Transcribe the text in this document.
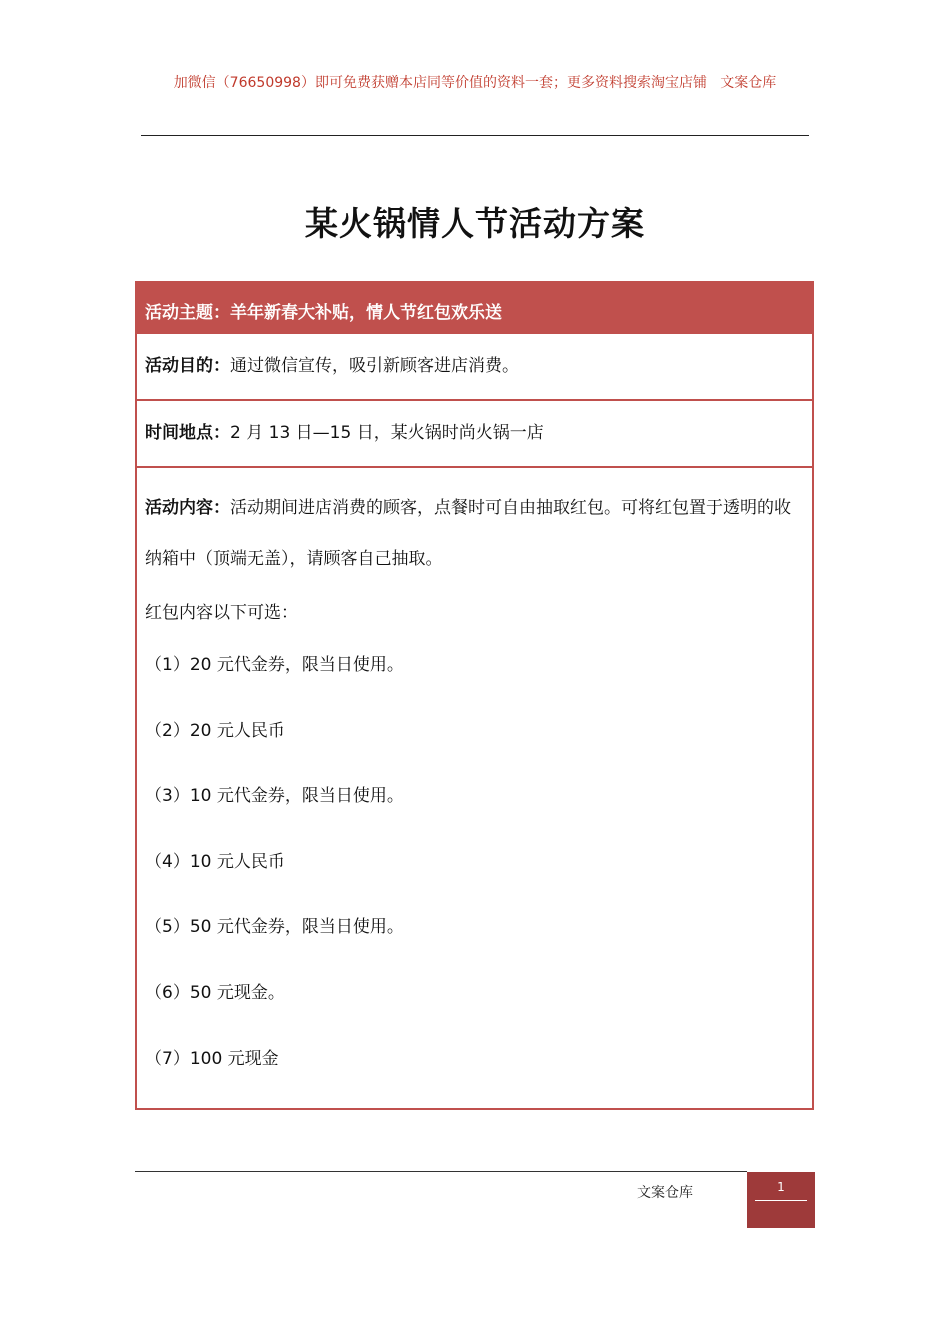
加微信（76650998）即可免费获赠本店同等价值的资料一套；更多资料搜索淘宝店铺   文案仓库
某火锅情人节活动方案
活动主题：羊年新春大补贴，情人节红包欢乐送
活动目的：通过微信宣传，吸引新顾客进店消费。
时间地点：2 月 13 日—15 日，某火锅时尚火锅一店

活动内容：活动期间进店消费的顾客，点餐时可自由抽取红包。可将红包置于透明的收纳箱中（顶端无盖），请顾客自己抽取。

红包内容以下可选：

（1）20 元代金券，限当日使用。

（2）20 元人民币

（3）10 元代金券，限当日使用。

（4）10 元人民币

（5）50 元代金券，限当日使用。

（6）50 元现金。

（7）100 元现金

文案仓库	1
